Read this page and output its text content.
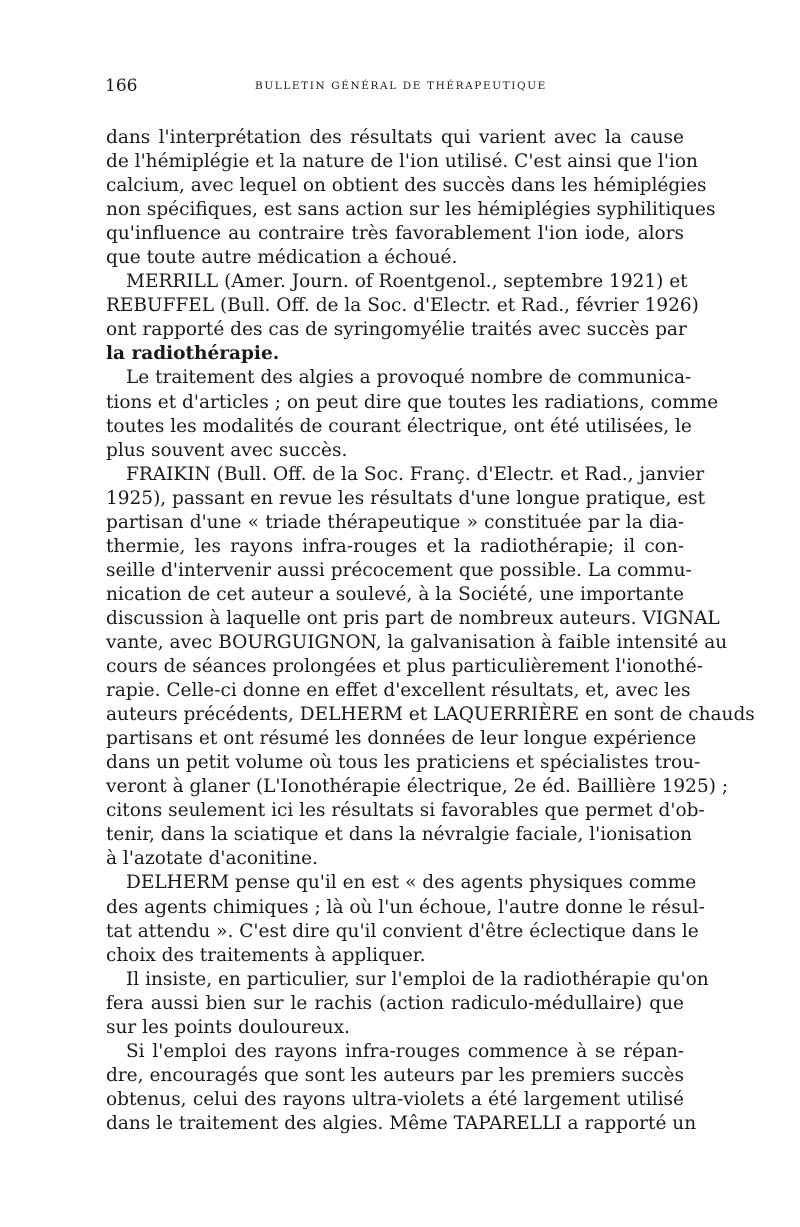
166	BULLETIN GÉNÉRAL DE THÉRAPEUTIQUE
dans l'interprétation des résultats qui varient avec la cause
de l'hémiplégie et la nature de l'ion utilisé. C'est ainsi que l'ion
calcium, avec lequel on obtient des succès dans les hémiplégies
non spécifiques, est sans action sur les hémiplégies syphilitiques
qu'influence au contraire très favorablement l'ion iode, alors
que toute autre médication a échoué.
MERRILL (Amer. Journ. of Roentgenol., septembre 1921) et
REBUFFEL (Bull. Off. de la Soc. d'Electr. et Rad., février 1926)
ont rapporté des cas de syringomyélie traités avec succès par
la radiothérapie.
Le traitement des algies a provoqué nombre de communica-
tions et d'articles ; on peut dire que toutes les radiations, comme
toutes les modalités de courant électrique, ont été utilisées, le
plus souvent avec succès.
FRAIKIN (Bull. Off. de la Soc. Franç. d'Electr. et Rad., janvier
1925), passant en revue les résultats d'une longue pratique, est
partisan d'une « triade thérapeutique » constituée par la dia-
thermie, les rayons infra-rouges et la radiothérapie; il con-
seille d'intervenir aussi précocement que possible. La commu-
nication de cet auteur a soulevé, à la Société, une importante
discussion à laquelle ont pris part de nombreux auteurs. VIGNAL
vante, avec BOURGUIGNON, la galvanisation à faible intensité au
cours de séances prolongées et plus particulièrement l'ionothé-
rapie. Celle-ci donne en effet d'excellent résultats, et, avec les
auteurs précédents, DELHERM et LAQUERRIÈRE en sont de chauds
partisans et ont résumé les données de leur longue expérience
dans un petit volume où tous les praticiens et spécialistes trou-
veront à glaner (L'Ionothérapie électrique, 2e éd. Baillière 1925) ;
citons seulement ici les résultats si favorables que permet d'ob-
tenir, dans la sciatique et dans la névralgie faciale, l'ionisation
à l'azotate d'aconitine.
DELHERM pense qu'il en est « des agents physiques comme
des agents chimiques ; là où l'un échoue, l'autre donne le résul-
tat attendu ». C'est dire qu'il convient d'être éclectique dans le
choix des traitements à appliquer.
Il insiste, en particulier, sur l'emploi de la radiothérapie qu'on
fera aussi bien sur le rachis (action radiculo-médullaire) que
sur les points douloureux.
Si l'emploi des rayons infra-rouges commence à se répan-
dre, encouragés que sont les auteurs par les premiers succès
obtenus, celui des rayons ultra-violets a été largement utilisé
dans le traitement des algies. Même TAPARELLI a rapporté un
